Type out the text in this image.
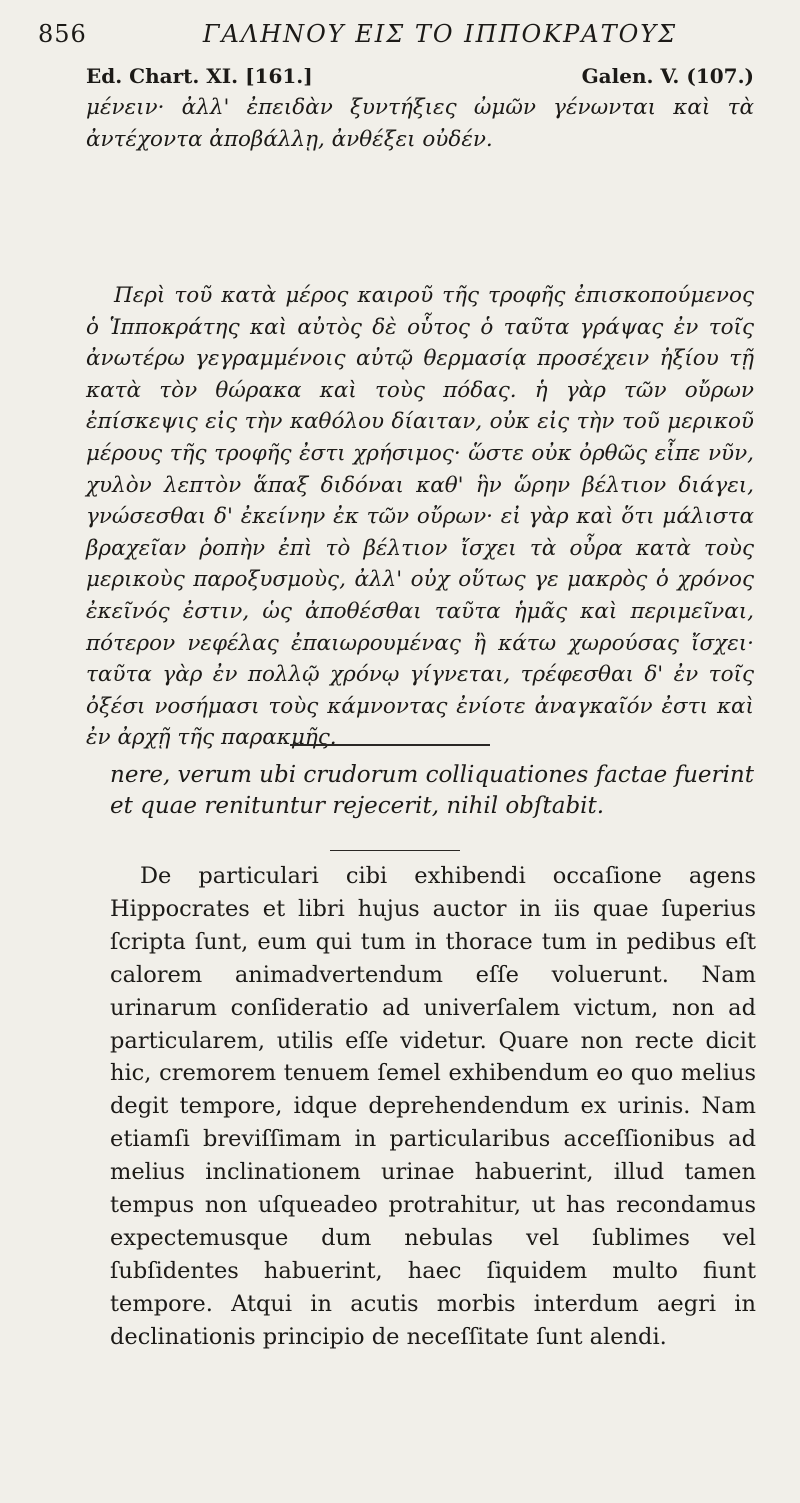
856	ΓΑΛΗΝΟΥ ΕΙΣ ΤΟ ΙΠΠΟΚΡΑΤΟΥΣ
Ed. Chart. XI. [161.]	Galen. V. (107.)

μένειν· ἀλλ' ἐπειδὰν ξυντήξιες ὠμῶν γένωνται καὶ τὰ ἀντέχοντα ἀποβάλλῃ, ἀνθέξει οὐδέν.

Περὶ τοῦ κατὰ μέρος καιροῦ τῆς τροφῆς ἐπισκοπούμενος ὁ Ἱπποκράτης καὶ αὐτὸς δὲ οὗτος ὁ ταῦτα γράψας ἐν τοῖς ἀνωτέρω γεγραμμένοις αὐτῷ θερμασίᾳ προσέχειν ἠξίου τῇ κατὰ τὸν θώρακα καὶ τοὺς πόδας. ἡ γὰρ τῶν οὔρων ἐπίσκεψις εἰς τὴν καθόλου δίαιταν, οὐκ εἰς τὴν τοῦ μερικοῦ μέρους τῆς τροφῆς ἐστι χρήσιμος· ὥστε οὐκ ὀρθῶς εἶπε νῦν, χυλὸν λεπτὸν ἅπαξ διδόναι καθ' ἣν ὥρην βέλτιον διάγει, γνώσεσθαι δ' ἐκείνην ἐκ τῶν οὔρων· εἰ γὰρ καὶ ὅτι μάλιστα βραχεῖαν ῥοπὴν ἐπὶ τὸ βέλτιον ἴσχει τὰ οὖρα κατὰ τοὺς μερικοὺς παροξυσμοὺς, ἀλλ' οὐχ οὕτως γε μακρὸς ὁ χρόνος ἐκεῖνός ἐστιν, ὡς ἀποθέσθαι ταῦτα ἡμᾶς καὶ περιμεῖναι, πότερον νεφέλας ἐπαιωρουμένας ἢ κάτω χωρούσας ἴσχει· ταῦτα γὰρ ἐν πολλῷ χρόνῳ γίγνεται, τρέφεσθαι δ' ἐν τοῖς ὀξέσι νοσήμασι τοὺς κάμνοντας ἐνίοτε ἀναγκαῖόν ἐστι καὶ ἐν ἀρχῇ τῆς παρακμῆς.

nere, verum ubi crudorum colliquationes factae fuerint et quae renituntur rejecerit, nihil obſtabit.

De particulari cibi exhibendi occaſione agens Hippocrates et libri hujus auctor in iis quae ſuperius ſcripta ſunt, eum qui tum in thorace tum in pedibus eſt calorem animadvertendum eſſe voluerunt. Nam urinarum conſideratio ad univerſalem victum, non ad particularem, utilis eſſe videtur. Quare non recte dicit hic, cremorem tenuem ſemel exhibendum eo quo melius degit tempore, idque deprehendendum ex urinis. Nam etiamſi breviſſimam in particularibus acceſſionibus ad melius inclinationem urinae habuerint, illud tamen tempus non uſqueadeo protrahitur, ut has recondamus expectemusque dum nebulas vel ſublimes vel ſubſidentes habuerint, haec ſiquidem multo fiunt tempore. Atqui in acutis morbis interdum aegri in declinationis principio de neceſſitate ſunt alendi.
